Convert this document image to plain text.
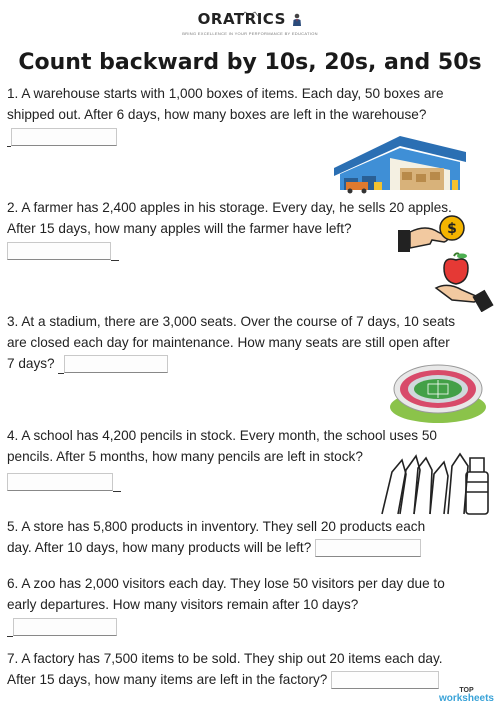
ORATRICS
BRING EXCELLENCE IN YOUR PERFORMANCE BY EDUCATION
Count backward by 10s, 20s, and 50s
1. A warehouse starts with 1,000 boxes of items. Each day, 50 boxes are
shipped out. After 6 days, how many boxes are left in the warehouse?
2. A farmer has 2,400 apples in his storage. Every day, he sells 20 apples.
After 15 days, how many apples will the farmer have left?	$
3. At a stadium, there are 3,000 seats. Over the course of 7 days, 10 seats
are closed each day for maintenance. How many seats are still open after
7 days?
4. A school has 4,200 pencils in stock. Every month, the school uses 50
pencils. After 5 months, how many pencils are left in stock?
5. A store has 5,800 products in inventory. They sell 20 products each
day. After 10 days, how many products will be left?
6. A zoo has 2,000 visitors each day. They lose 50 visitors per day due to
early departures. How many visitors remain after 10 days?
7. A factory has 7,500 items to be sold. They ship out 20 items each day.
After 15 days, how many items are left in the factory?
TOP
worksheets
